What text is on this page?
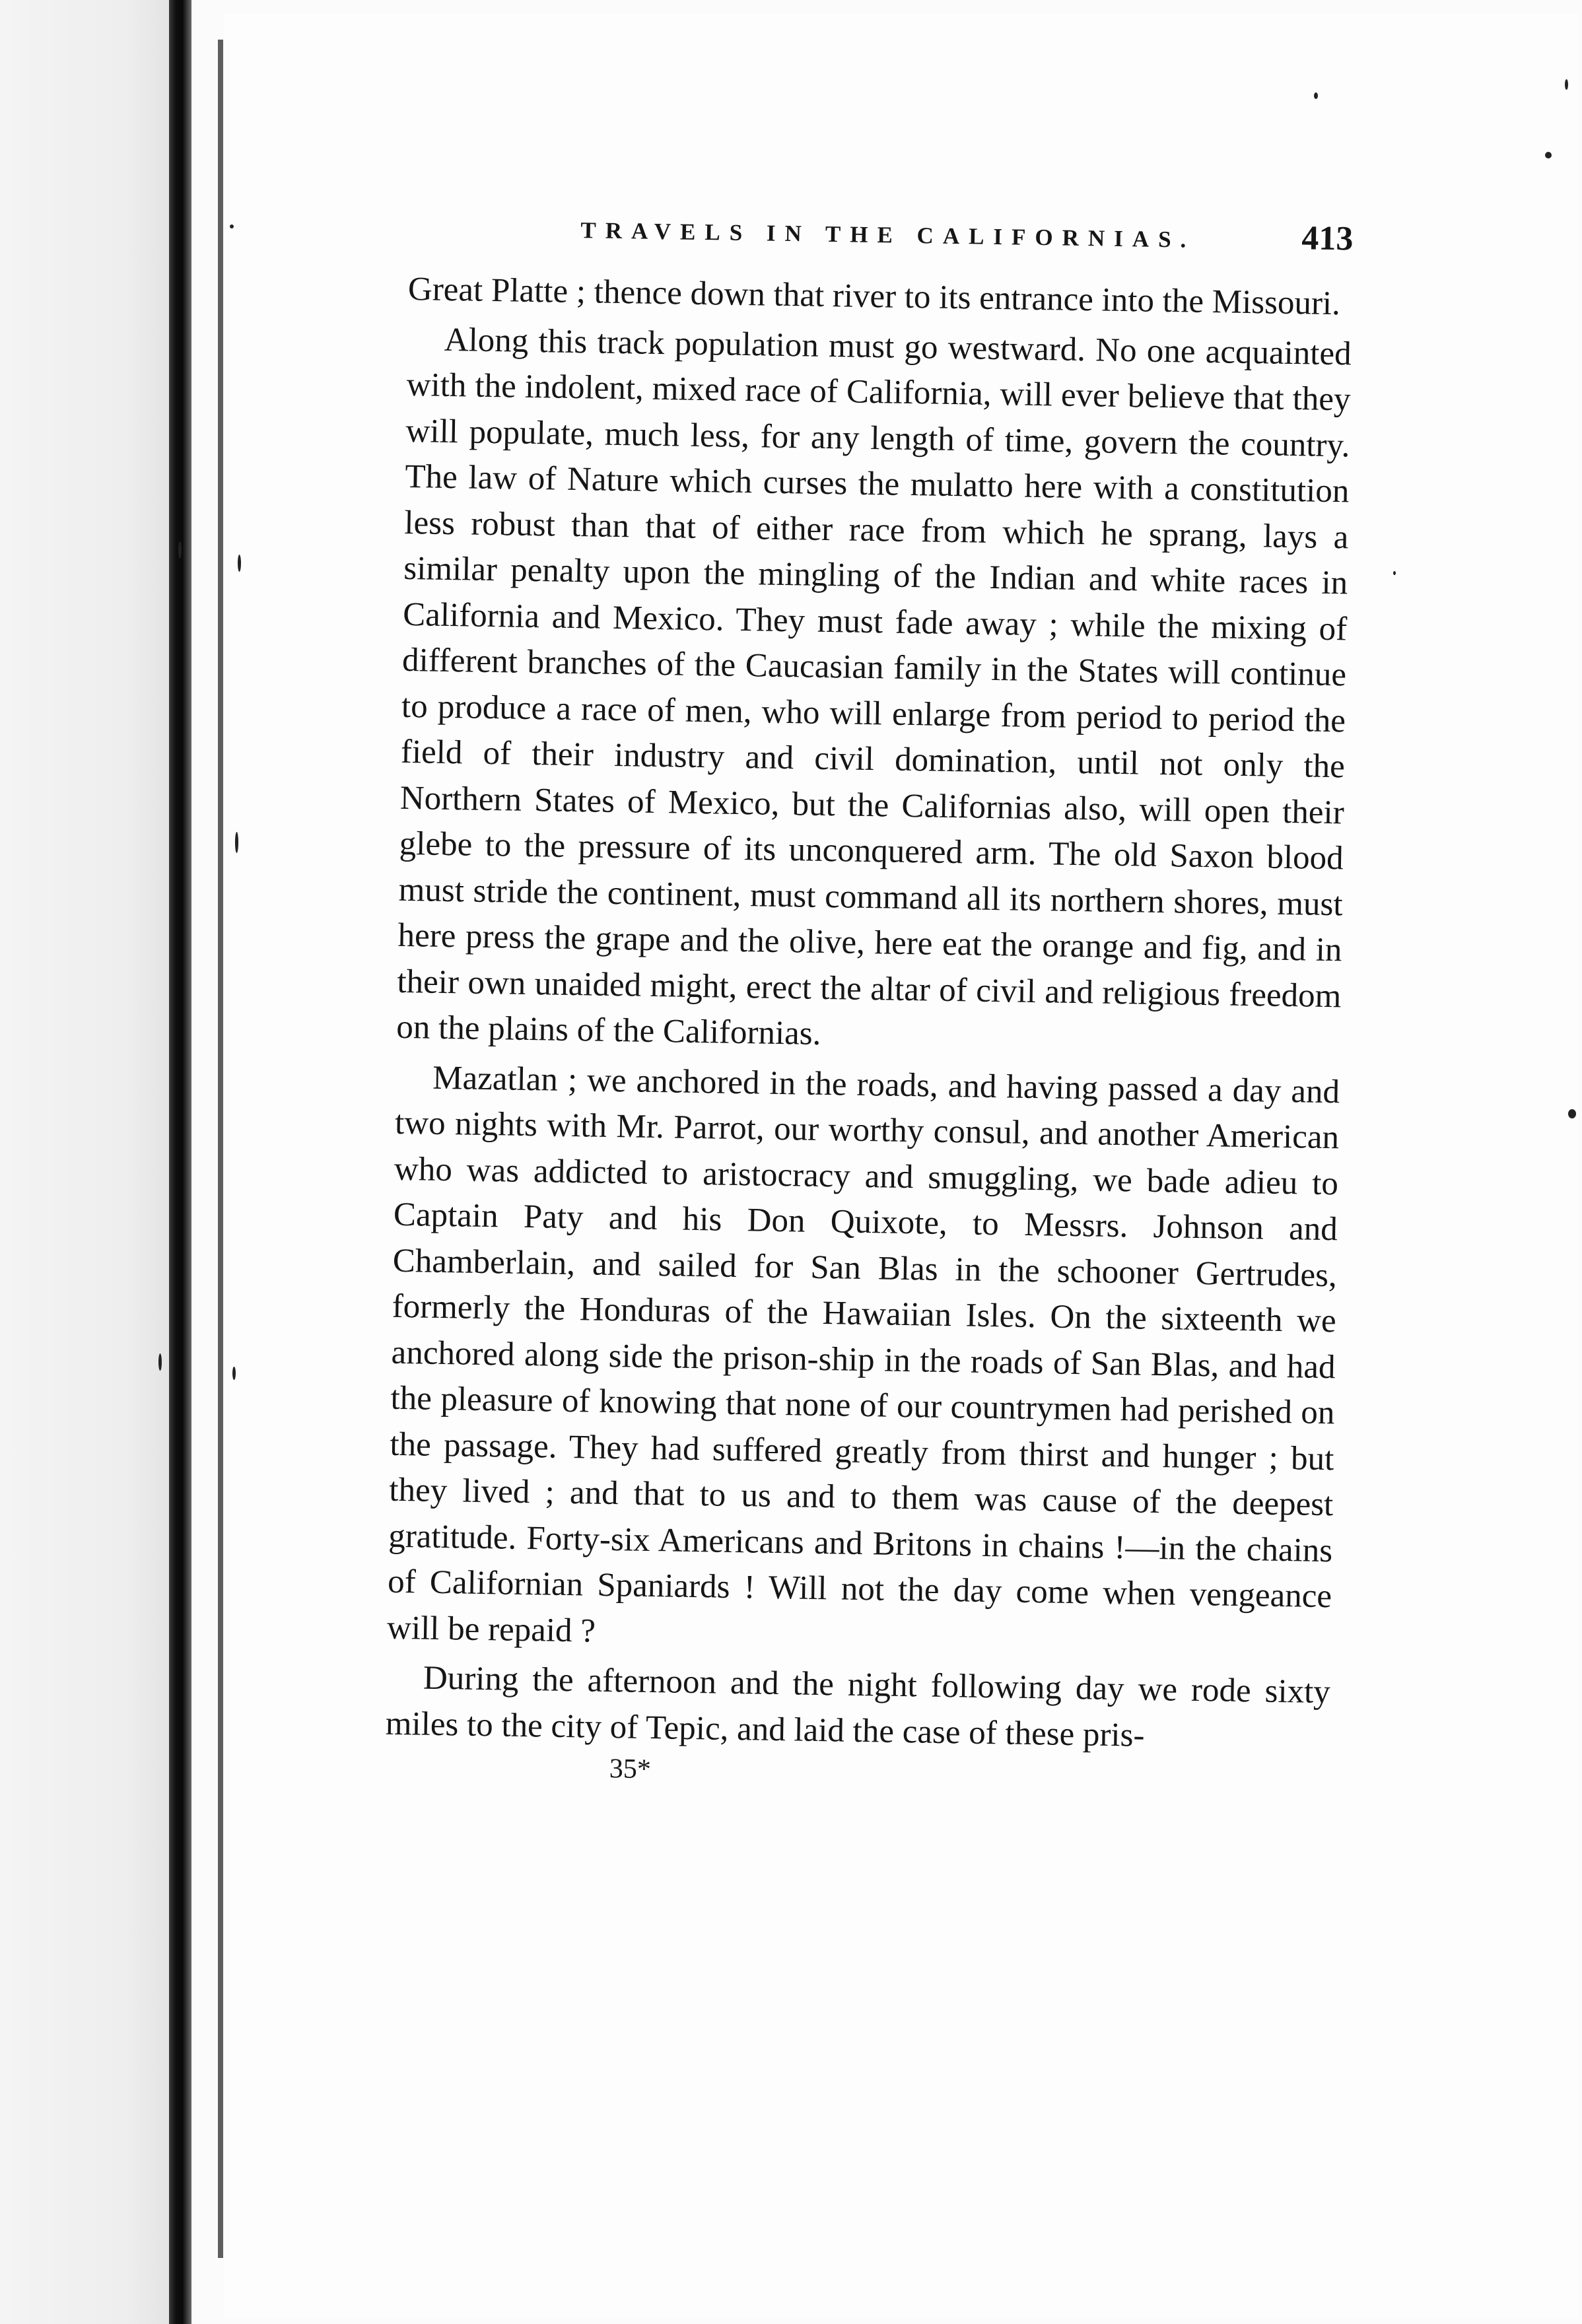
TRAVELS IN THE CALIFORNIAS.	413

Great Platte ; thence down that river to its entrance into the Missouri.

Along this track population must go westward. No one acquainted with the indolent, mixed race of California, will ever believe that they will populate, much less, for any length of time, govern the country. The law of Nature which curses the mulatto here with a constitution less robust than that of either race from which he sprang, lays a similar penalty upon the mingling of the Indian and white races in California and Mexico. They must fade away ; while the mixing of different branches of the Caucasian family in the States will continue to produce a race of men, who will enlarge from period to period the field of their industry and civil domination, until not only the Northern States of Mexico, but the Californias also, will open their glebe to the pressure of its unconquered arm. The old Saxon blood must stride the continent, must command all its northern shores, must here press the grape and the olive, here eat the orange and fig, and in their own unaided might, erect the altar of civil and religious freedom on the plains of the Californias.

Mazatlan ; we anchored in the roads, and having passed a day and two nights with Mr. Parrot, our worthy consul, and another American who was addicted to aristocracy and smuggling, we bade adieu to Captain Paty and his Don Quixote, to Messrs. Johnson and Chamberlain, and sailed for San Blas in the schooner Gertrudes, formerly the Honduras of the Hawaiian Isles. On the sixteenth we anchored along side the prison-ship in the roads of San Blas, and had the pleasure of knowing that none of our countrymen had perished on the passage. They had suffered greatly from thirst and hunger ; but they lived ; and that to us and to them was cause of the deepest gratitude. Forty-six Americans and Britons in chains !—in the chains of Californian Spaniards ! Will not the day come when vengeance will be repaid ?

During the afternoon and the night following day we rode sixty miles to the city of Tepic, and laid the case of these pris-

35*
